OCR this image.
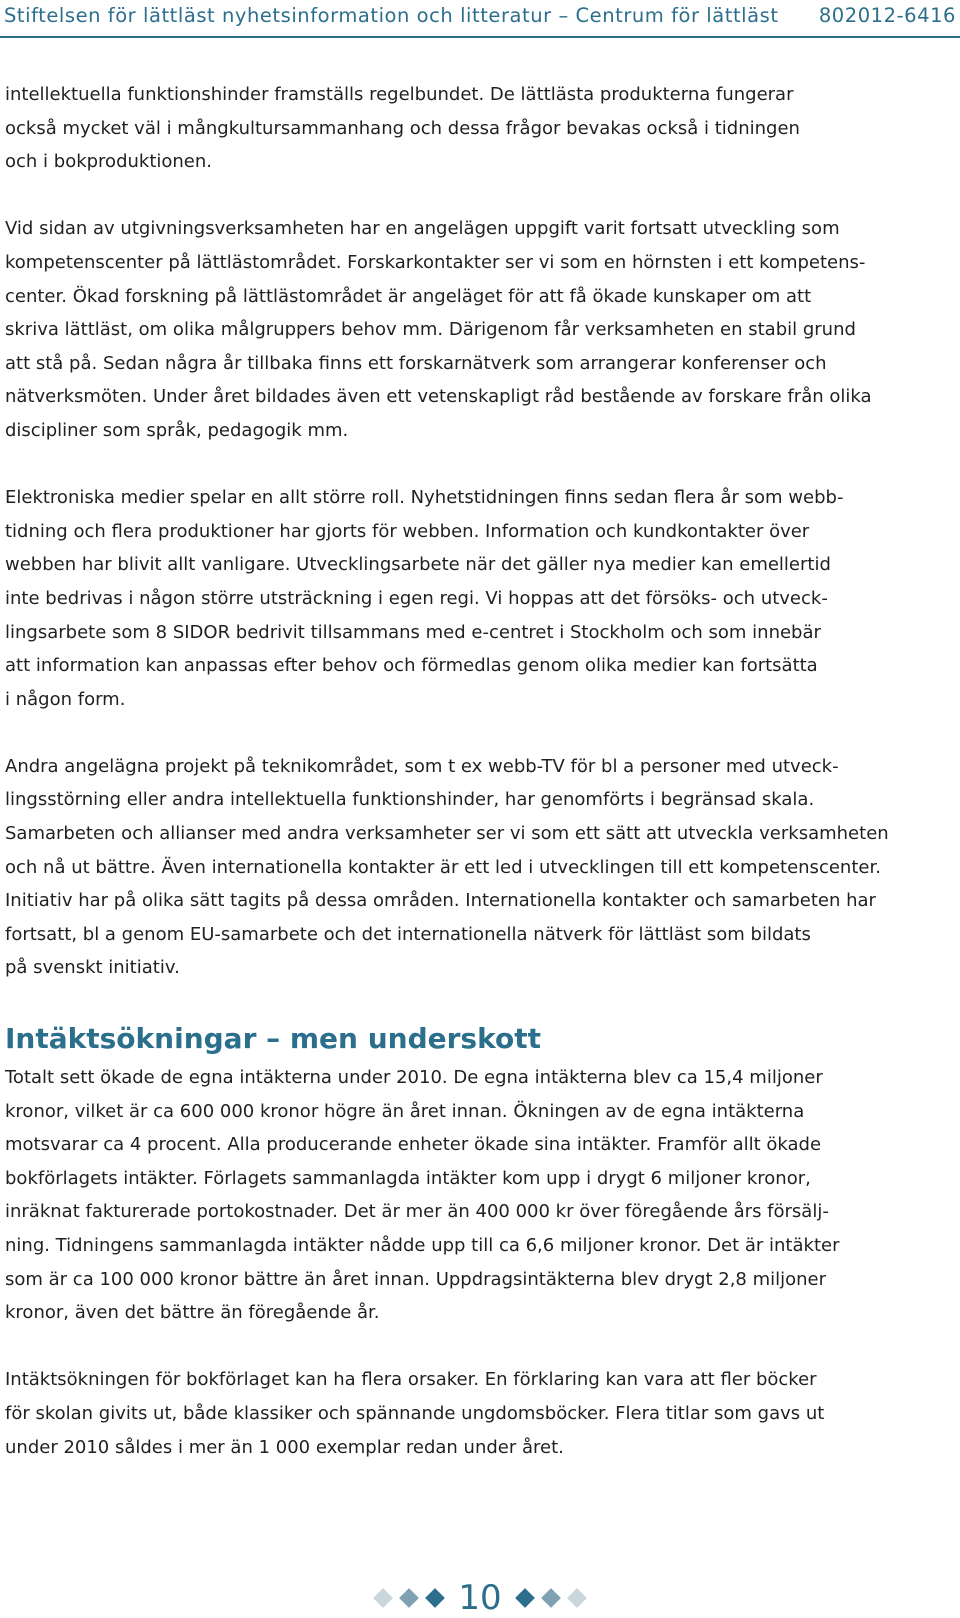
Stiftelsen för lättläst nyhetsinformation och litteratur – Centrum för lättläst 802012-6416

intellektuella funktionshinder framställs regelbundet. De lättlästa produkterna fungerar
också mycket väl i mångkultursammanhang och dessa frågor bevakas också i tidningen
och i bokproduktionen.

Vid sidan av utgivningsverksamheten har en angelägen uppgift varit fortsatt utveckling som
kompetenscenter på lättlästområdet. Forskarkontakter ser vi som en hörnsten i ett kompetens-
center. Ökad forskning på lättlästområdet är angeläget för att få ökade kunskaper om att
skriva lättläst, om olika målgruppers behov mm. Därigenom får verksamheten en stabil grund
att stå på. Sedan några år tillbaka finns ett forskarnätverk som arrangerar konferenser och
nätverksmöten. Under året bildades även ett vetenskapligt råd bestående av forskare från olika
discipliner som språk, pedagogik mm.

Elektroniska medier spelar en allt större roll. Nyhetstidningen finns sedan flera år som webb-
tidning och flera produktioner har gjorts för webben. Information och kundkontakter över
webben har blivit allt vanligare. Utvecklingsarbete när det gäller nya medier kan emellertid
inte bedrivas i någon större utsträckning i egen regi. Vi hoppas att det försöks- och utveck-
lingsarbete som 8 SIDOR bedrivit tillsammans med e-centret i Stockholm och som innebär
att information kan anpassas efter behov och förmedlas genom olika medier kan fortsätta
i någon form.

Andra angelägna projekt på teknikområdet, som t ex webb-TV för bl a personer med utveck-
lingsstörning eller andra intellektuella funktionshinder, har genomförts i begränsad skala.
Samarbeten och allianser med andra verksamheter ser vi som ett sätt att utveckla verksamheten
och nå ut bättre. Även internationella kontakter är ett led i utvecklingen till ett kompetenscenter.
Initiativ har på olika sätt tagits på dessa områden. Internationella kontakter och samarbeten har
fortsatt, bl a genom EU-samarbete och det internationella nätverk för lättläst som bildats
på svenskt initiativ.

Intäktsökningar – men underskott

Totalt sett ökade de egna intäkterna under 2010. De egna intäkterna blev ca 15,4 miljoner
kronor, vilket är ca 600 000 kronor högre än året innan. Ökningen av de egna intäkterna
motsvarar ca 4 procent. Alla producerande enheter ökade sina intäkter. Framför allt ökade
bokförlagets intäkter. Förlagets sammanlagda intäkter kom upp i drygt 6 miljoner kronor,
inräknat fakturerade portokostnader. Det är mer än 400 000 kr över föregående års försälj-
ning. Tidningens sammanlagda intäkter nådde upp till ca 6,6 miljoner kronor. Det är intäkter
som är ca 100 000 kronor bättre än året innan. Uppdragsintäkterna blev drygt 2,8 miljoner
kronor, även det bättre än föregående år.

Intäktsökningen för bokförlaget kan ha flera orsaker. En förklaring kan vara att fler böcker
för skolan givits ut, både klassiker och spännande ungdomsböcker. Flera titlar som gavs ut
under 2010 såldes i mer än 1 000 exemplar redan under året.

10
